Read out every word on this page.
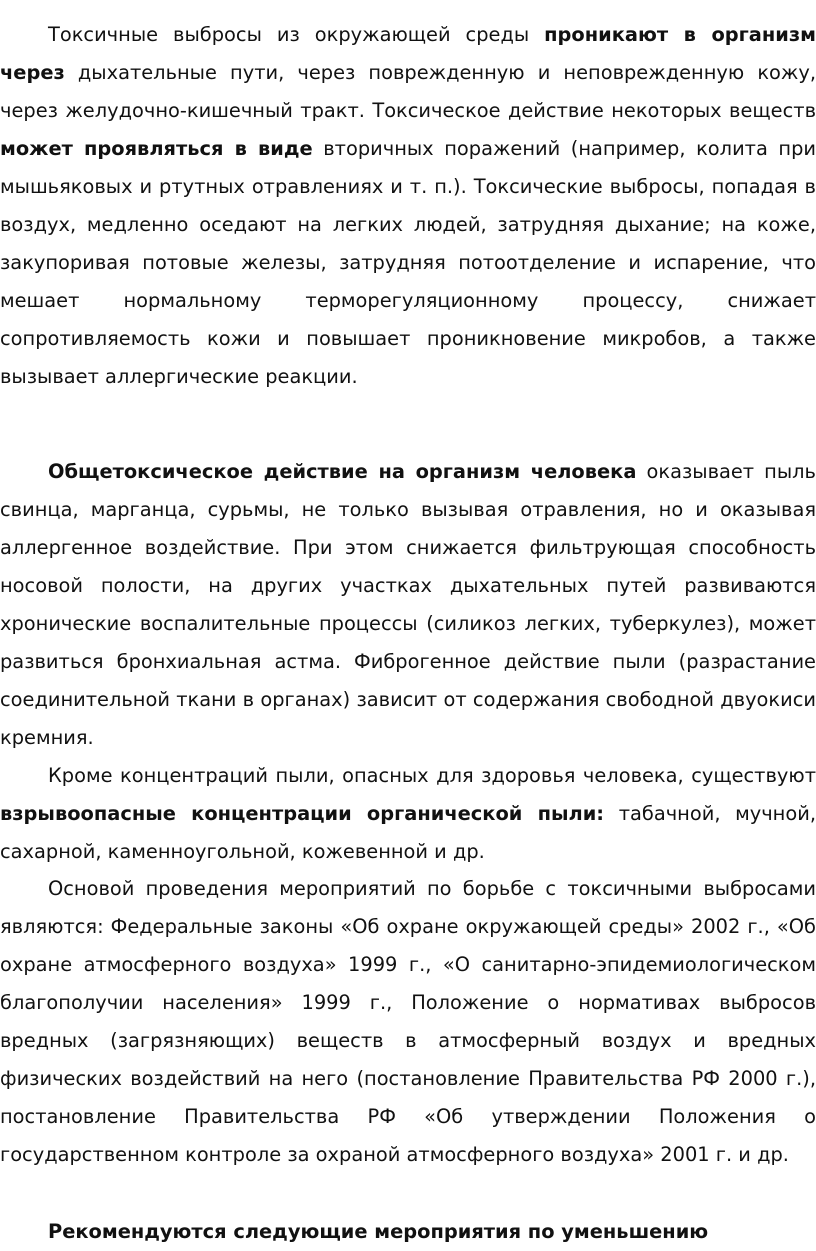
Токсичные выбросы из окружающей среды проникают в организм через дыхательные пути, через поврежденную и неповрежденную кожу, через желудочно-кишечный тракт. Токсическое действие некоторых веществ может проявляться в виде вторичных поражений (например, колита при мышьяковых и ртутных отравлениях и т. п.). Токсические выбросы, попадая в воздух, медленно оседают на легких людей, затрудняя дыхание; на коже, закупоривая потовые железы, затрудняя потоотделение и испарение, что мешает нормальному терморегуляционному процессу, снижает сопротивляемость кожи и повышает проникновение микробов, а также вызывает аллергические реакции.

Общетоксическое действие на организм человека оказывает пыль свинца, марганца, сурьмы, не только вызывая отравления, но и оказывая аллергенное воздействие. При этом снижается фильтрующая способность носовой полости, на других участках дыхательных путей развиваются хронические воспалительные процессы (силикоз легких, туберкулез), может развиться бронхиальная астма. Фиброгенное действие пыли (разрастание соединительной ткани в органах) зависит от содержания свободной двуокиси кремния.

Кроме концентраций пыли, опасных для здоровья человека, существуют взрывоопасные концентрации органической пыли: табачной, мучной, сахарной, каменноугольной, кожевенной и др.

Основой проведения мероприятий по борьбе с токсичными выбросами являются: Федеральные законы «Об охране окружающей среды» 2002 г., «Об охране атмосферного воздуха» 1999 г., «О санитарно-эпидемиологическом благополучии населения» 1999 г., Положение о нормативах выбросов вредных (загрязняющих) веществ в атмосферный воздух и вредных физических воздействий на него (постановление Правительства РФ 2000 г.), постановление Правительства РФ «Об утверждении Положения о государственном контроле за охраной атмосферного воздуха» 2001 г. и др.

Рекомендуются следующие мероприятия по уменьшению
